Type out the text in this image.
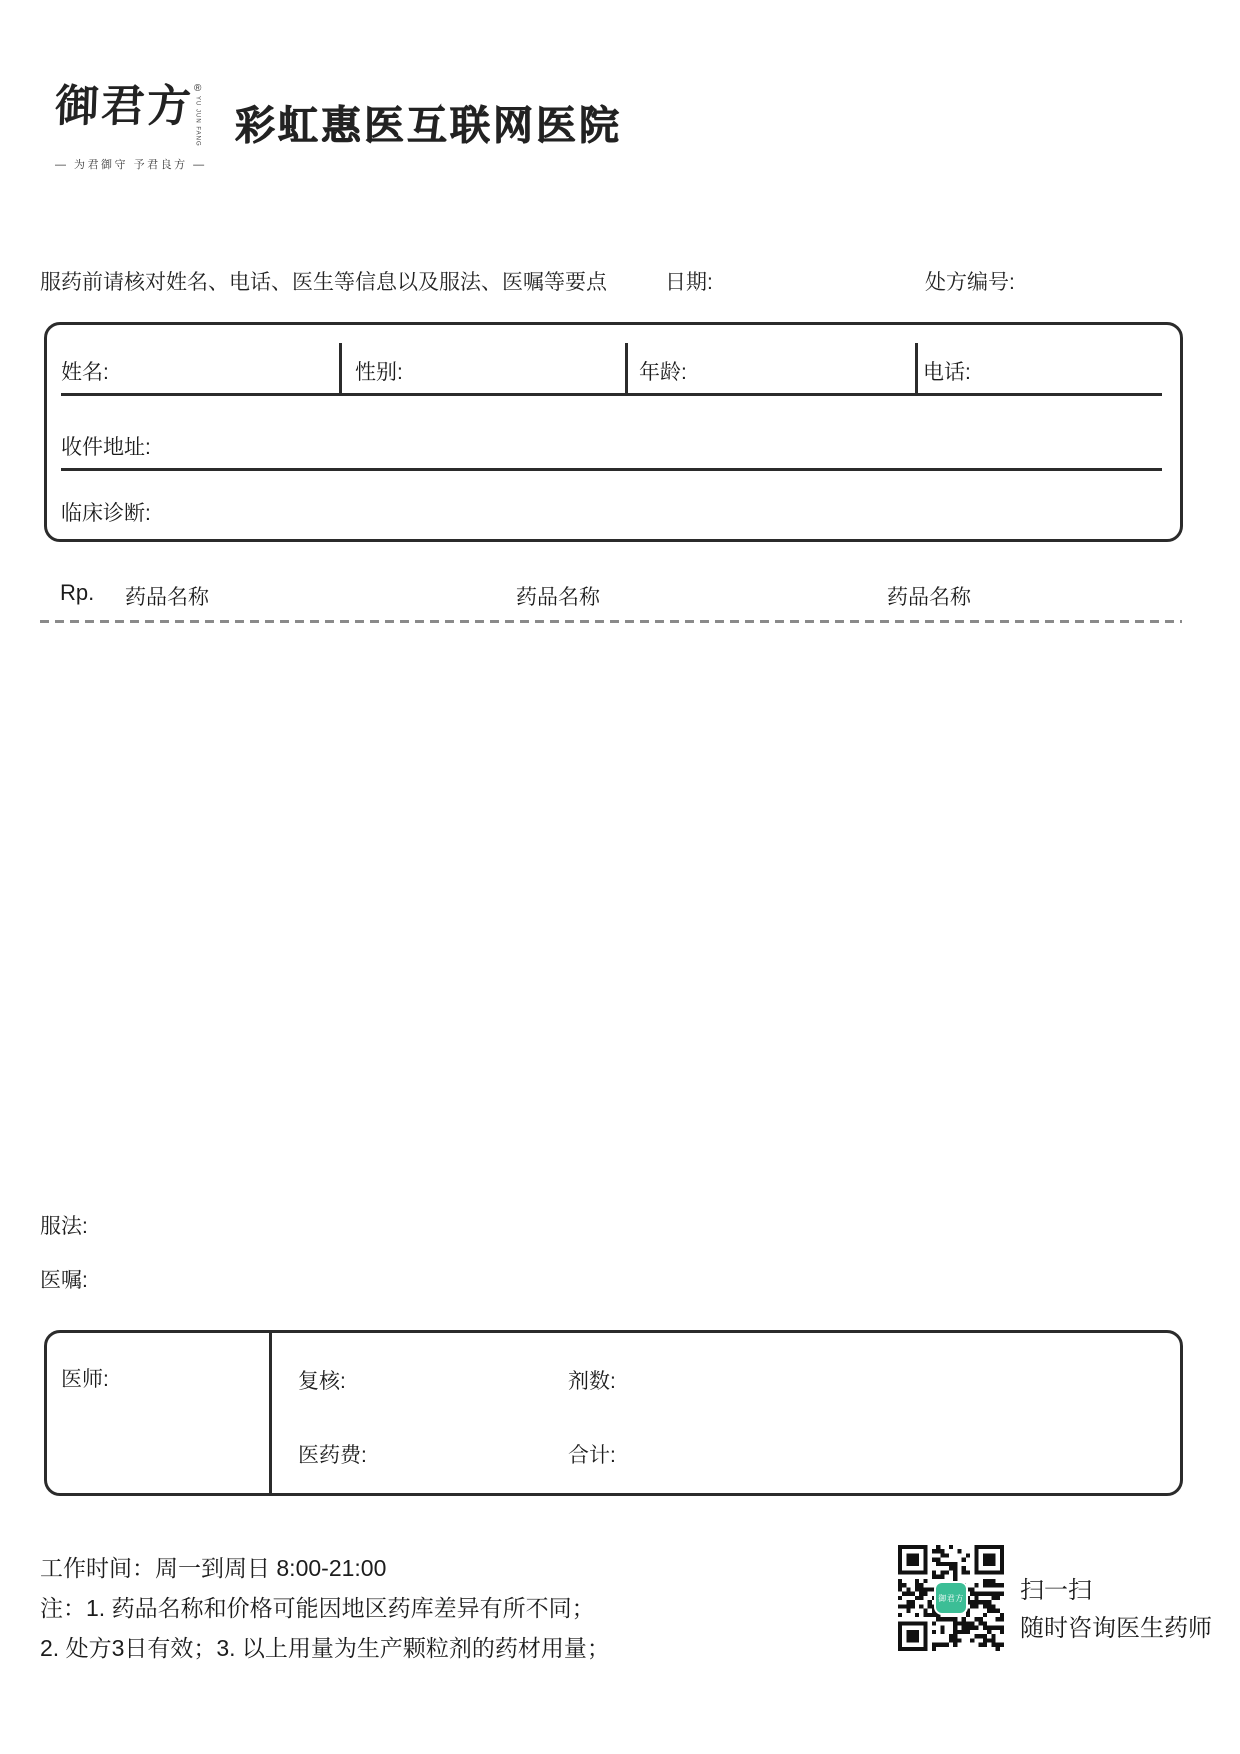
御君方 ®
YU JUN FANG
— 为君御守 予君良方 —
彩虹惠医互联网医院
服药前请核对姓名、电话、医生等信息以及服法、医嘱等要点	日期:	处方编号:
姓名:	性别:	年龄:	电话:
收件地址:
临床诊断:
Rp. 药品名称	药品名称	药品名称
服法:
医嘱:
医师:	复核:	剂数:
医药费:	合计:
工作时间：周一到周日 8:00-21:00
注：1. 药品名称和价格可能因地区药库差异有所不同；
2. 处方3日有效；3. 以上用量为生产颗粒剂的药材用量；
御君方 扫一扫
随时咨询医生药师
